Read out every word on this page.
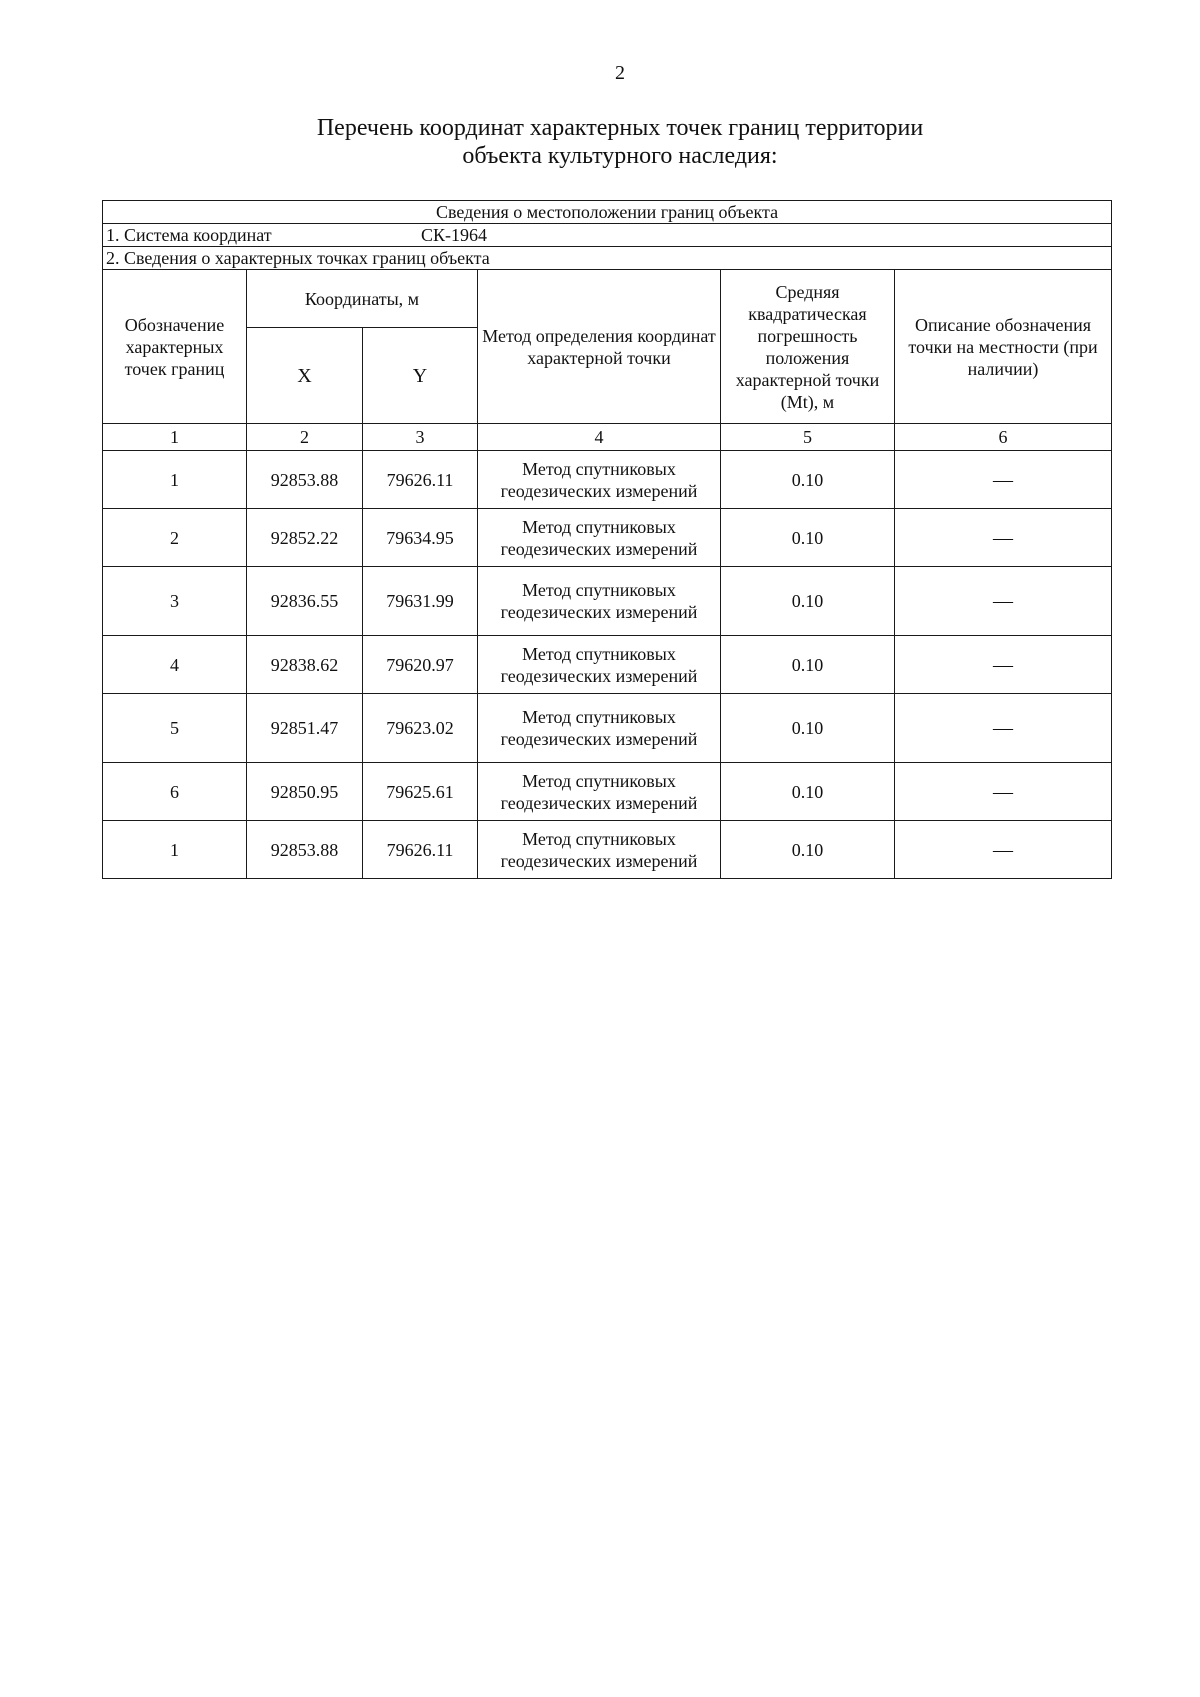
2
Перечень координат характерных точек границ территории
объекта культурного наследия:
Сведения о местоположении границ объекта					
1. Система координат СК-1964					
2. Сведения о характерных точках границ объекта					
Обозначение характерных точек границ	Координаты, м		Метод определения координат характерной точки	Средняя квадратическая погрешность положения характерной точки (Mt), м	Описание обозначения точки на местности (при наличии)
	X	Y			
1	2	3	4	5	6
1	92853.88	79626.11	Метод спутниковых геодезических измерений	0.10	—
2	92852.22	79634.95	Метод спутниковых геодезических измерений	0.10	—
3	92836.55	79631.99	Метод спутниковых геодезических измерений	0.10	—
4	92838.62	79620.97	Метод спутниковых геодезических измерений	0.10	—
5	92851.47	79623.02	Метод спутниковых геодезических измерений	0.10	—
6	92850.95	79625.61	Метод спутниковых геодезических измерений	0.10	—
1	92853.88	79626.11	Метод спутниковых геодезических измерений	0.10	—
